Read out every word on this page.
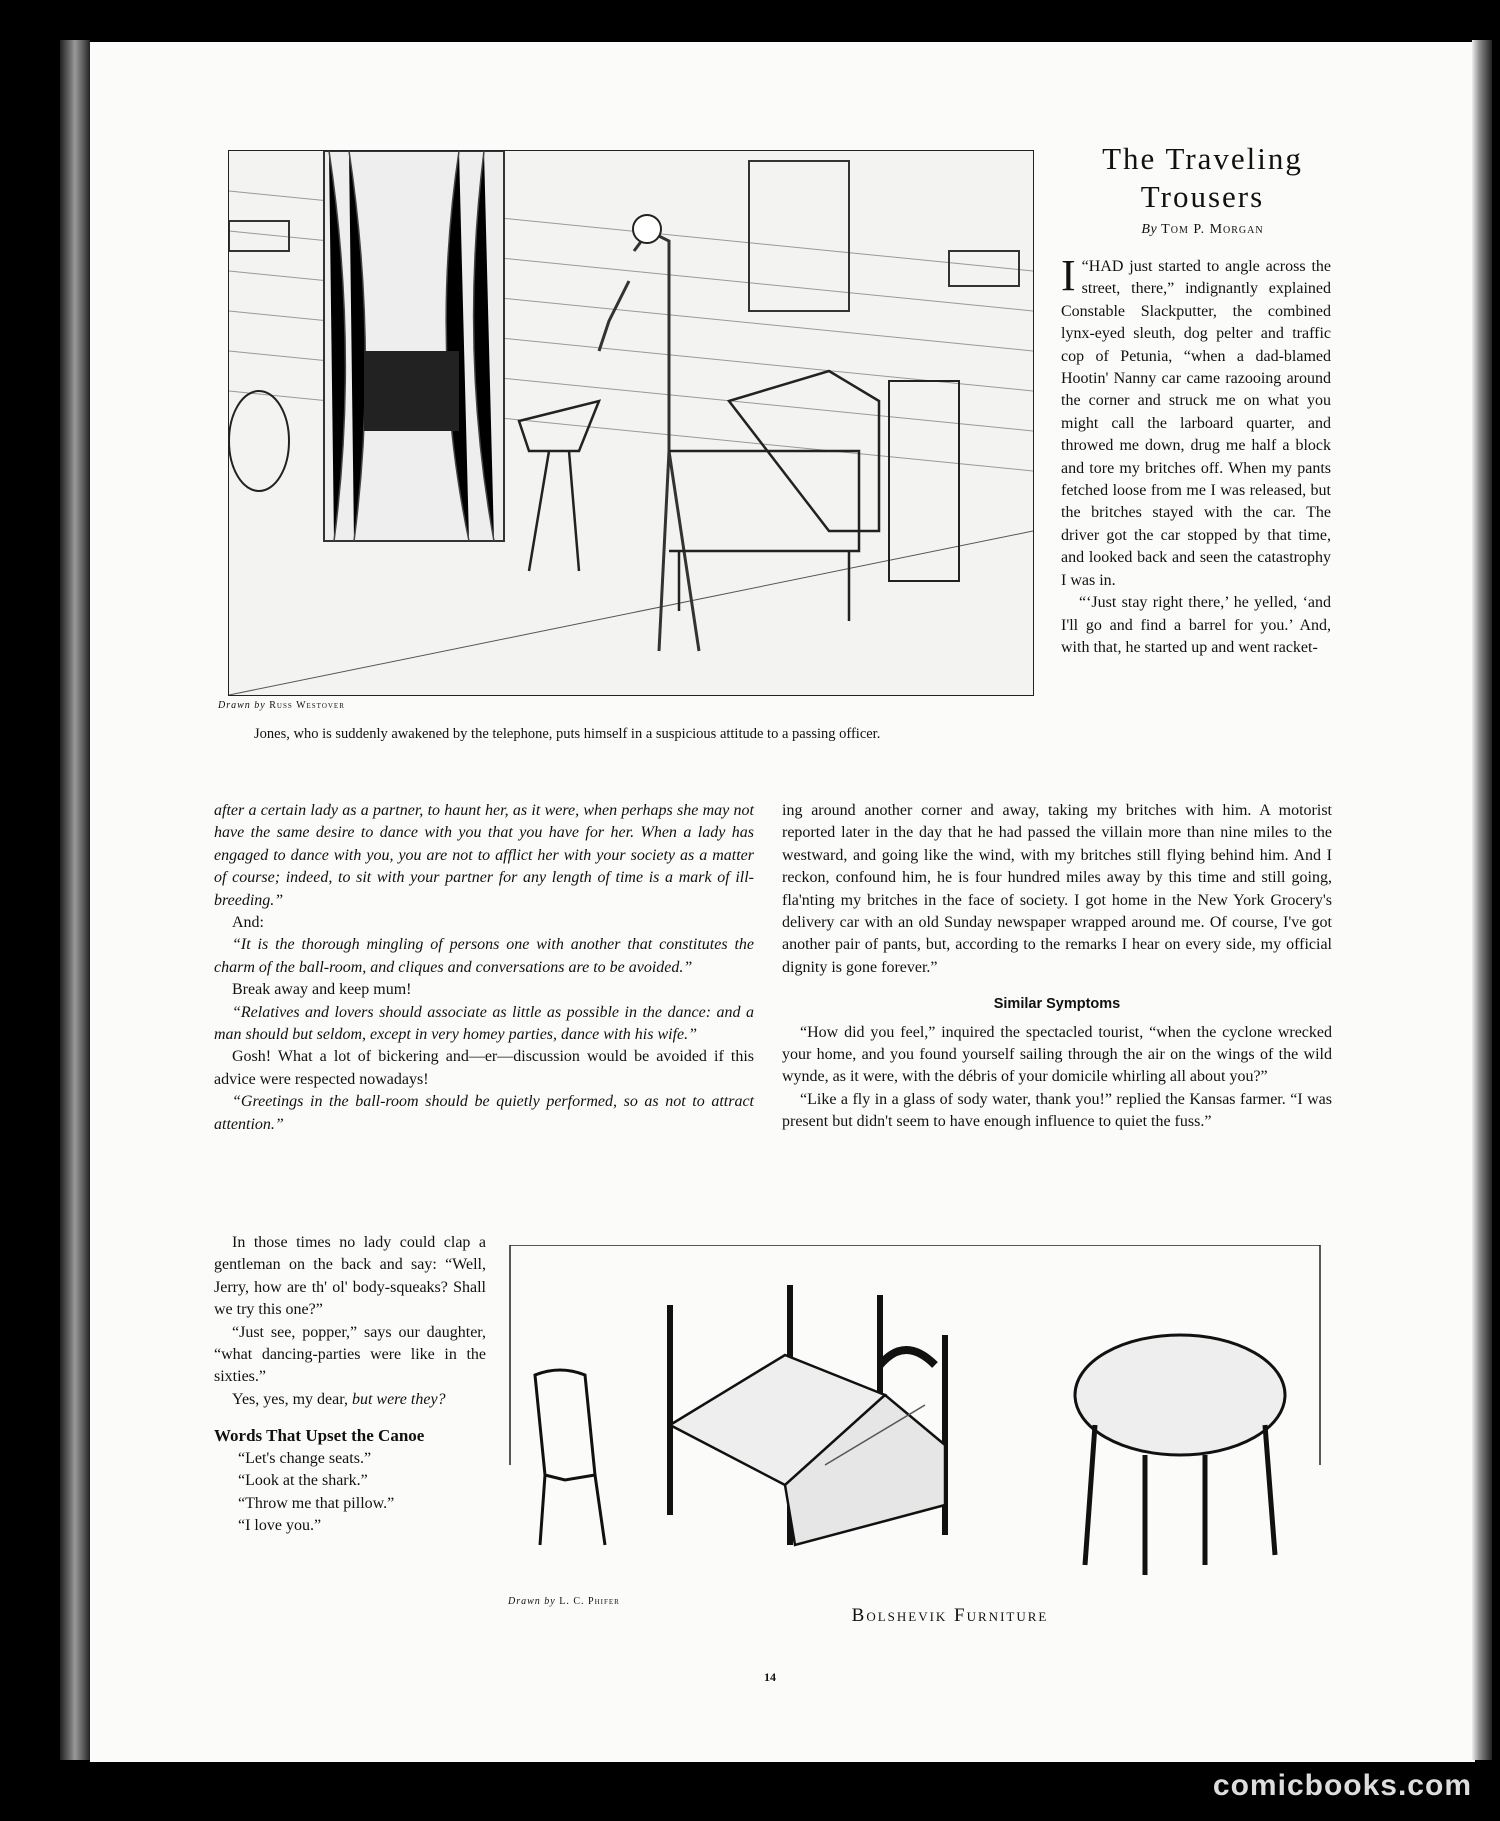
Drawn by Russ Westover
Jones, who is suddenly awakened by the telephone, puts himself in a suspicious attitude to a passing officer.
The Traveling
Trousers
By Tom P. Morgan

“
I HAD just started to angle across the street, there,” indignantly explained Constable Slackputter, the combined lynx-eyed sleuth, dog pelter and traffic cop of Petunia, “when a dad-blamed Hootin' Nanny car came razooing around the corner and struck me on what you might call the larboard quarter, and throwed me down, drug me half a block and tore my britches off. When my pants fetched loose from me I was released, but the britches stayed with the car. The driver got the car stopped by that time, and looked back and seen the catastrophy I was in.

“‘Just stay right there,’ he yelled, ‘and I'll go and find a barrel for you.’ And, with that, he started up and went racket-

ing around another corner and away, taking my britches with him. A motorist reported later in the day that he had passed the villain more than nine miles to the westward, and going like the wind, with my britches still flying behind him. And I reckon, confound him, he is four hundred miles away by this time and still going, fla'nting my britches in the face of society. I got home in the New York Grocery's delivery car with an old Sunday newspaper wrapped around me. Of course, I've got another pair of pants, but, according to the remarks I hear on every side, my official dignity is gone forever.”

Similar Symptoms

“How did you feel,” inquired the spectacled tourist, “when the cyclone wrecked your home, and you found yourself sailing through the air on the wings of the wild wynde, as it were, with the débris of your domicile whirling all about you?”

“Like a fly in a glass of sody water, thank you!” replied the Kansas farmer. “I was present but didn't seem to have enough influence to quiet the fuss.”

after a certain lady as a partner, to haunt her, as it were, when perhaps she may not have the same desire to dance with you that you have for her. When a lady has engaged to dance with you, you are not to afflict her with your society as a matter of course; indeed, to sit with your partner for any length of time is a mark of ill-breeding.”

And:

“It is the thorough mingling of persons one with another that constitutes the charm of the ball-room, and cliques and conversations are to be avoided.”

Break away and keep mum!

“Relatives and lovers should associate as little as possible in the dance: and a man should but seldom, except in very homey parties, dance with his wife.”

Gosh! What a lot of bickering and—er—discussion would be avoided if this advice were respected nowadays!

“Greetings in the ball-room should be quietly performed, so as not to attract attention.”

In those times no lady could clap a gentleman on the back and say: “Well, Jerry, how are th' ol' body-squeaks? Shall we try this one?”

“Just see, popper,” says our daughter, “what dancing-parties were like in the sixties.”

Yes, yes, my dear, but were they?

Words That Upset the Canoe
“Let's change seats.”
“Look at the shark.”
“Throw me that pillow.”
“I love you.”
Drawn by L. C. Phifer
Bolshevik Furniture
14
comicbooks.com
